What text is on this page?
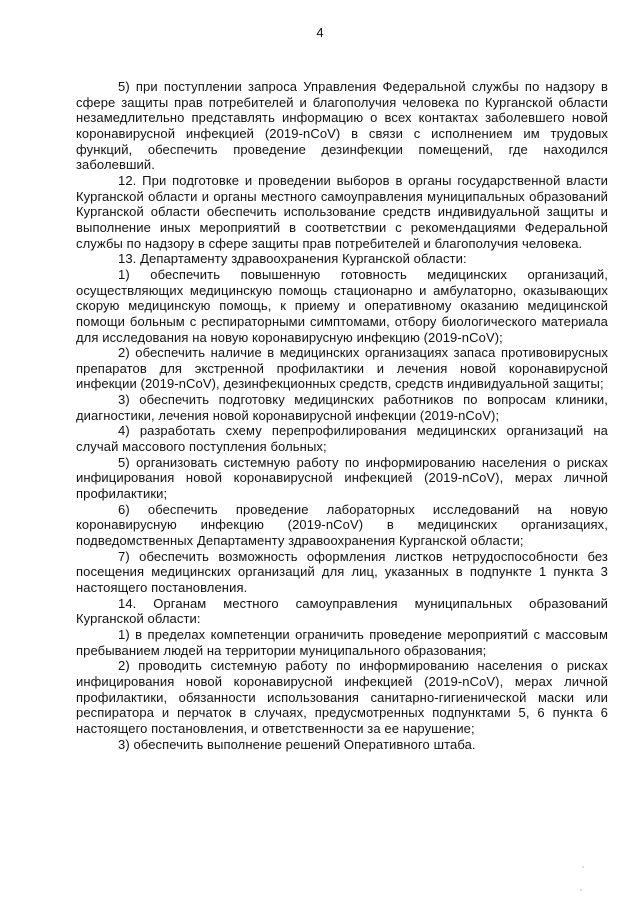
4

5) при поступлении запроса Управления Федеральной службы по надзору в сфере защиты прав потребителей и благополучия человека по Курганской области незамедлительно представлять информацию о всех контактах заболевшего новой коронавирусной инфекцией (2019-nCoV) в связи с исполнением им трудовых функций, обеспечить проведение дезинфекции помещений, где находился заболевший.

12. При подготовке и проведении выборов в органы государственной власти Курганской области и органы местного самоуправления муниципальных образований Курганской области обеспечить использование средств индивидуальной защиты и выполнение иных мероприятий в соответствии с рекомендациями Федеральной службы по надзору в сфере защиты прав потребителей и благополучия человека.

13. Департаменту здравоохранения Курганской области:

1) обеспечить повышенную готовность медицинских организаций, осуществляющих медицинскую помощь стационарно и амбулаторно, оказывающих скорую медицинскую помощь, к приему и оперативному оказанию медицинской помощи больным с респираторными симптомами, отбору биологического материала для исследования на новую коронавирусную инфекцию (2019-nCoV);

2) обеспечить наличие в медицинских организациях запаса противовирусных препаратов для экстренной профилактики и лечения новой коронавирусной инфекции (2019-nCoV), дезинфекционных средств, средств индивидуальной защиты;

3) обеспечить подготовку медицинских работников по вопросам клиники, диагностики, лечения новой коронавирусной инфекции (2019-nCoV);

4) разработать схему перепрофилирования медицинских организаций на случай массового поступления больных;

5) организовать системную работу по информированию населения о рисках инфицирования новой коронавирусной инфекцией (2019-nCoV), мерах личной профилактики;

6) обеспечить проведение лабораторных исследований на новую коронавирусную инфекцию (2019-nCoV) в медицинских организациях, подведомственных Департаменту здравоохранения Курганской области;

7) обеспечить возможность оформления листков нетрудоспособности без посещения медицинских организаций для лиц, указанных в подпункте 1 пункта 3 настоящего постановления.

14. Органам местного самоуправления муниципальных образований Курганской области:

1) в пределах компетенции ограничить проведение мероприятий с массовым пребыванием людей на территории муниципального образования;

2) проводить системную работу по информированию населения о рисках инфицирования новой коронавирусной инфекцией (2019-nCoV), мерах личной профилактики, обязанности использования санитарно-гигиенической маски или респиратора и перчаток в случаях, предусмотренных подпунктами 5, 6 пункта 6 настоящего постановления, и ответственности за ее нарушение;

3) обеспечить выполнение решений Оперативного штаба.
